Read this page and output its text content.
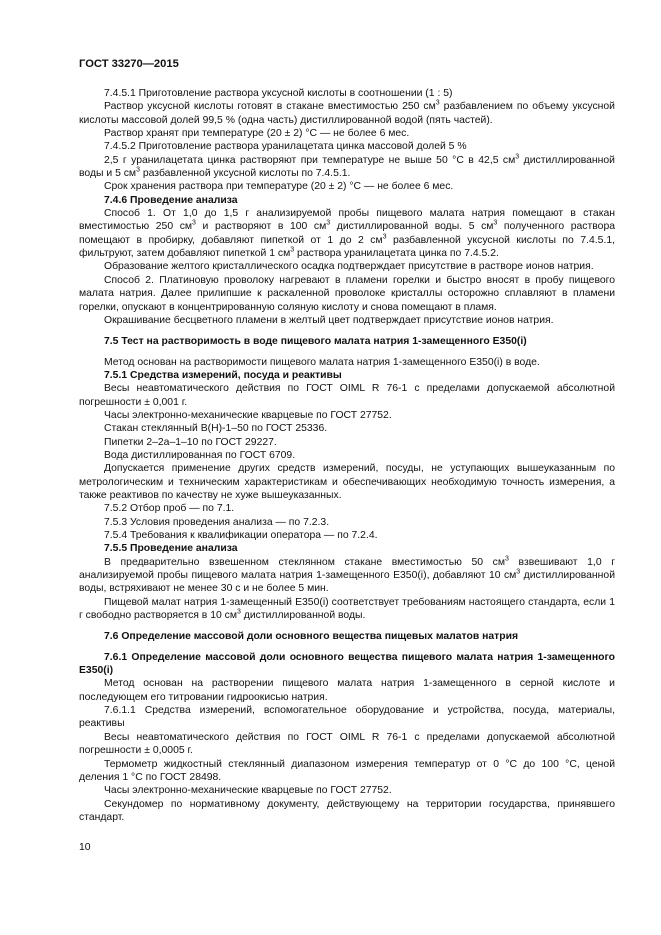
ГОСТ 33270—2015

7.4.5.1 Приготовление раствора уксусной кислоты в соотношении (1 : 5)

Раствор уксусной кислоты готовят в стакане вместимостью 250 $см^3$ разбавлением по объему уксусной кислоты массовой долей 99,5 % (одна часть) дистиллированной водой (пять частей).

Раствор хранят при температуре (20 ± 2) °С — не более 6 мес.

7.4.5.2 Приготовление раствора уранилацетата цинка массовой долей 5 %

2,5 г уранилацетата цинка растворяют при температуре не выше 50 °С в 42,5 $см^3$ дистиллированной воды и 5 $см^3$ разбавленной уксусной кислоты по 7.4.5.1.

Срок хранения раствора при температуре (20 ± 2) °С — не более 6 мес.

7.4.6 Проведение анализа

Способ 1. От 1,0 до 1,5 г анализируемой пробы пищевого малата натрия помещают в стакан вместимостью 250 $см^3$ и растворяют в 100 $см^3$ дистиллированной воды. 5 $см^3$ полученного раствора помещают в пробирку, добавляют пипеткой от 1 до 2 $см^3$ разбавленной уксусной кислоты по 7.4.5.1, фильтруют, затем добавляют пипеткой 1 $см^3$ раствора уранилацетата цинка по 7.4.5.2.

Образование желтого кристаллического осадка подтверждает присутствие в растворе ионов натрия.

Способ 2. Платиновую проволоку нагревают в пламени горелки и быстро вносят в пробу пищевого малата натрия. Далее прилипшие к раскаленной проволоке кристаллы осторожно сплавляют в пламени горелки, опускают в концентрированную соляную кислоту и снова помещают в пламя.

Окрашивание бесцветного пламени в желтый цвет подтверждает присутствие ионов натрия.

7.5 Тест на растворимость в воде пищевого малата натрия 1-замещенного Е350(i)

Метод основан на растворимости пищевого малата натрия 1-замещенного Е350(i) в воде.

7.5.1 Средства измерений, посуда и реактивы

Весы неавтоматического действия по ГОСТ OIML R 76-1 с пределами допускаемой абсолютной погрешности ± 0,001 г.

Часы электронно-механические кварцевые по ГОСТ 27752.

Стакан стеклянный В(Н)-1–50 по ГОСТ 25336.

Пипетки 2–2а–1–10 по ГОСТ 29227.

Вода дистиллированная по ГОСТ 6709.

Допускается применение других средств измерений, посуды, не уступающих вышеуказанным по метрологическим и техническим характеристикам и обеспечивающих необходимую точность измерения, а также реактивов по качеству не хуже вышеуказанных.

7.5.2 Отбор проб — по 7.1.

7.5.3 Условия проведения анализа — по 7.2.3.

7.5.4 Требования к квалификации оператора — по 7.2.4.

7.5.5 Проведение анализа

В предварительно взвешенном стеклянном стакане вместимостью 50 $см^3$ взвешивают 1,0 г анализируемой пробы пищевого малата натрия 1-замещенного Е350(i), добавляют 10 $см^3$ дистиллированной воды, встряхивают не менее 30 с и не более 5 мин.

Пищевой малат натрия 1-замещенный Е350(i) соответствует требованиям настоящего стандарта, если 1 г свободно растворяется в 10 $см^3$ дистиллированной воды.

7.6 Определение массовой доли основного вещества пищевых малатов натрия

7.6.1 Определение массовой доли основного вещества пищевого малата натрия 1-замещенного Е350(i)

Метод основан на растворении пищевого малата натрия 1-замещенного в серной кислоте и последующем его титровании гидроокисью натрия.

7.6.1.1 Средства измерений, вспомогательное оборудование и устройства, посуда, материалы, реактивы

Весы неавтоматического действия по ГОСТ OIML R 76-1 с пределами допускаемой абсолютной погрешности ± 0,0005 г.

Термометр жидкостный стеклянный диапазоном измерения температур от 0 °С до 100 °С, ценой деления 1 °С по ГОСТ 28498.

Часы электронно-механические кварцевые по ГОСТ 27752.

Секундомер по нормативному документу, действующему на территории государства, принявшего стандарт.

10
